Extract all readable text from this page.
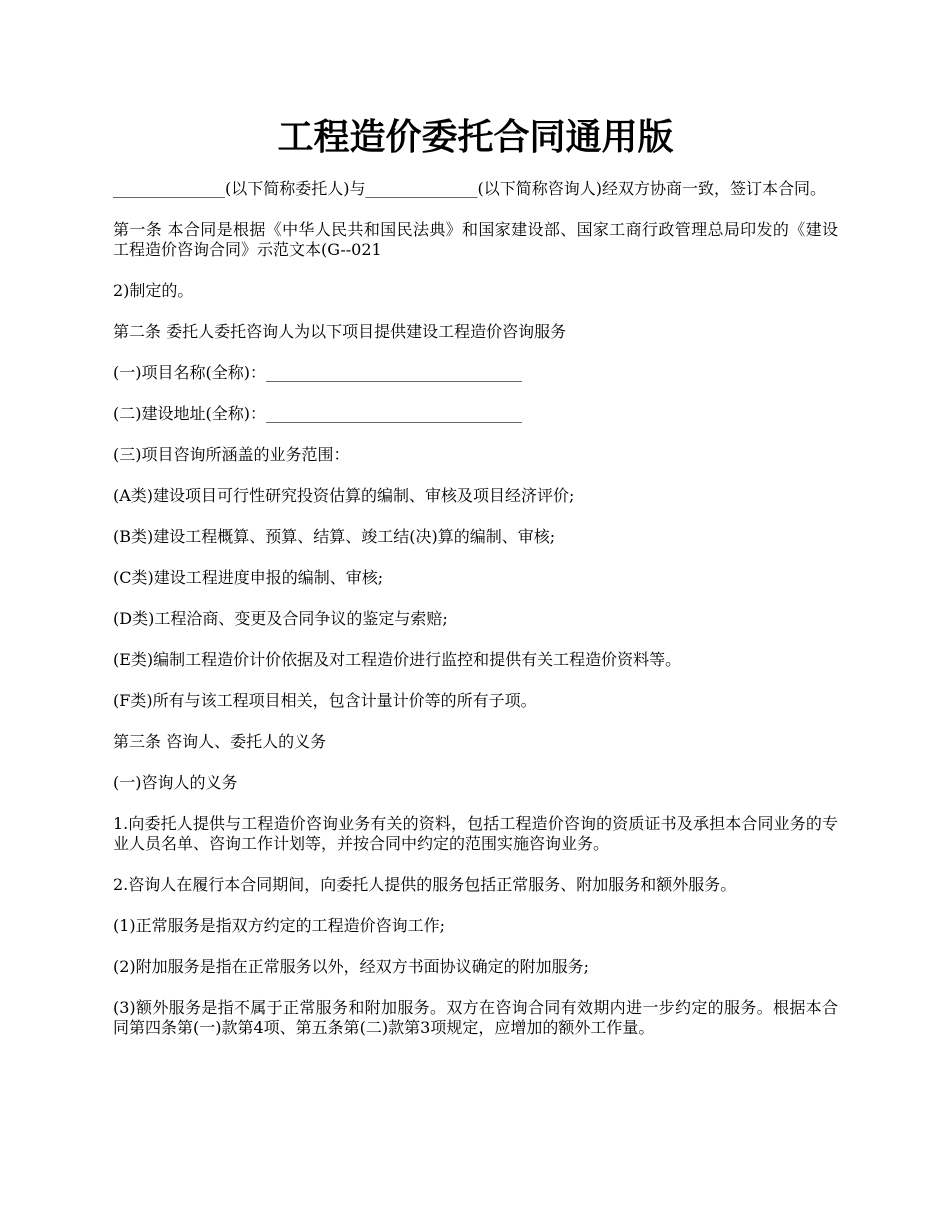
工程造价委托合同通用版

______________(以下简称委托人)与______________(以下简称咨询人)经双方协商一致，签订本合同。

第一条 本合同是根据《中华人民共和国民法典》和国家建设部、国家工商行政管理总局印发的《建设工程造价咨询合同》示范文本(G--021

2)制定的。

第二条 委托人委托咨询人为以下项目提供建设工程造价咨询服务

(一)项目名称(全称)：________________________________

(二)建设地址(全称)：________________________________

(三)项目咨询所涵盖的业务范围：

(A类)建设项目可行性研究投资估算的编制、审核及项目经济评价;

(B类)建设工程概算、预算、结算、竣工结(决)算的编制、审核;

(C类)建设工程进度申报的编制、审核;

(D类)工程洽商、变更及合同争议的鉴定与索赔;

(E类)编制工程造价计价依据及对工程造价进行监控和提供有关工程造价资料等。

(F类)所有与该工程项目相关，包含计量计价等的所有子项。

第三条 咨询人、委托人的义务

(一)咨询人的义务

1.向委托人提供与工程造价咨询业务有关的资料，包括工程造价咨询的资质证书及承担本合同业务的专业人员名单、咨询工作计划等，并按合同中约定的范围实施咨询业务。

2.咨询人在履行本合同期间，向委托人提供的服务包括正常服务、附加服务和额外服务。

(1)正常服务是指双方约定的工程造价咨询工作;

(2)附加服务是指在正常服务以外，经双方书面协议确定的附加服务;

(3)额外服务是指不属于正常服务和附加服务。双方在咨询合同有效期内进一步约定的服务。根据本合同第四条第(一)款第4项、第五条第(二)款第3项规定，应增加的额外工作量。
